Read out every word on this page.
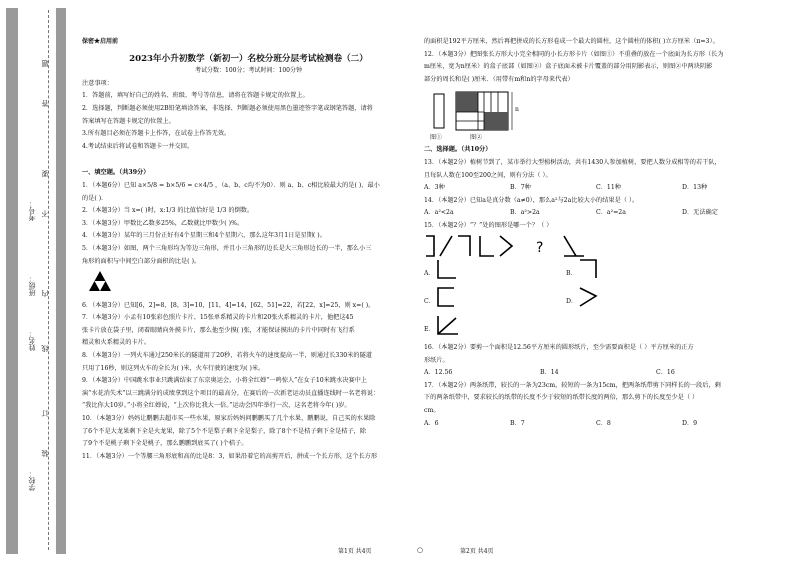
学校：
姓名：
班级：
考号：
题
答
要
不
内
线
订
装

保密★启用前

2023年小升初数学（新初一）名校分班分层考试检测卷（二）

考试分数：100分；考试时间：100分钟

注意事项：

1．答题前，填写好自己的姓名、班级、考号等信息，请将在答题卡规定的位置上。

2．选择题，判断题必须使用2B铅笔填涂答案，非选择、判断题必须使用黑色墨迹签字笔或钢笔答题，请将

答案填写在答题卡规定的位置上。

3.所有题目必须在答题卡上作答，在试卷上作答无效。

4.考试结束后将试卷和答题卡一并交回。

一、填空题。（共39分）

1．（本题6分）已知 a×5/8 = b×5/6 = c×4/5 ，（a、b、c均不为0）．则 a、b、c相比较最大的是( )，最小

的是( )．

2．（本题3分）当 x=( )时，x:1/3 的比值恰好是 1/3 的倒数。

3．（本题3分）甲数比乙数多25%，乙数就比甲数少( )%。

4．（本题3分）某年的三月份正好有4个星期三和4个星期六，那么这年3月1日是星期( )。

5．（本题3分）如图，两个三角形均为等边三角形，并且小三角形的边长是大三角形边长的一半，那么小三

角形的面积与中间空白部分面积的比是( )。

6．（本题3分）已知[6，2]=8，[8，3]=10，[11，4]=14，[62，51]=22，若[22，x]=25，则 x=( )。

7．（本题3分）小孟有10张彩色照片卡片、15张单系精灵的卡片和20张火系精灵的卡片，他把这45

张卡片放在袋子里，闭着眼睛向外摸卡片，那么他至少摸( )张，才能保证摸出的卡片中同时有飞行系

精灵和火系精灵的卡片。

8．（本题3分）一列火车通过250米长的隧道用了20秒，若将火车的速度提高一半，则通过长330米的隧道

只用了16秒，则这列火车的全长为( )米，火车行驶的速度为( )米。

9．（本题3分）中国跳水事业只跳满结束了东京奥运会，小将全红婵“一鸣惊人”在女子10米跳水决赛中上

演“水花消失术”以三跳满分的成绩拿到这个项目的最高分，在赛后的一次新老运动员直播连线时一名老将说：

“我比你大10岁。”小将全红婵说，“上次你比我大一倍。”运动会四年举行一次，这名老将今年( )岁。

10．（本题3分）妈妈让鹏鹏去超市买一些水果，原家后妈妈问鹏鹏买了几个水果，鹏鹏说，自己买的水果除

了6个不是大龙果剩下全是火龙果，除了5个不是梨子剩下全是梨子，除了8个不是桔子剩下全是桔子，除

了9个不是桃子剩下全是桃子，那么鹏鹏到底买了( )个桔子。

11．（本题3分）一个等腰三角形底和高的比是8：3，如果沿着它的高剪开后，拼成一个长方形，这个长方形

的面积是192平方厘米，然后再把拼成的长方形卷成一个最大的圆柱，这个圆柱的体积( )立方厘米（π=3）。

12．（本题3分）把图张长方形大小完全相同的小长方形卡片（如图①）不重叠的放在一个底面为长方形（长为

m厘米，宽为n厘米）的盒子底部（如图②）盒子底面未被卡片覆盖的部分用阴影表示，则图②中两块阴影

部分的周长和是( )厘米．（用带有m和n的字母来代表）

n
图①	图②

二、选择题。（共10分）

13．（本题2分）植树节到了，某市举行大型植树活动，共有1430人参加植树，要把人数分成相等的若干队，

且每队人数在100至200之间，则有分法（ ）。

A．3种	B．7种	C．11种	D．13种

14．（本题2分）已知a是真分数（a≠0），那么a²与2a比较大小的结果是（ ）。

A．a²<2a	B．a²>2a	C．a²=2a	D．无法确定

15．（本题2分）“？”处的图形是哪一个？（ ）

?
A．	B．
C．	D．
E．

16．（本题2分）要剪一个面积是12.56平方厘米的圆形纸片，至少需要面积是（ ）平方厘米的正方

形纸片。

A．12.56	B．14	C．16

17．（本题2分）两条纸带，较长的一条为23cm，较短的一条为15cm，把两条纸带剪下同样长的一段后，剩

下的两条纸带中，要求较长的纸带的长度不少于较短的纸带长度的两倍，那么剪下的长度至少是（ ）

cm。

A．6	B．7	C．8	D．9

第1页 共4页	○	第2页 共4页
